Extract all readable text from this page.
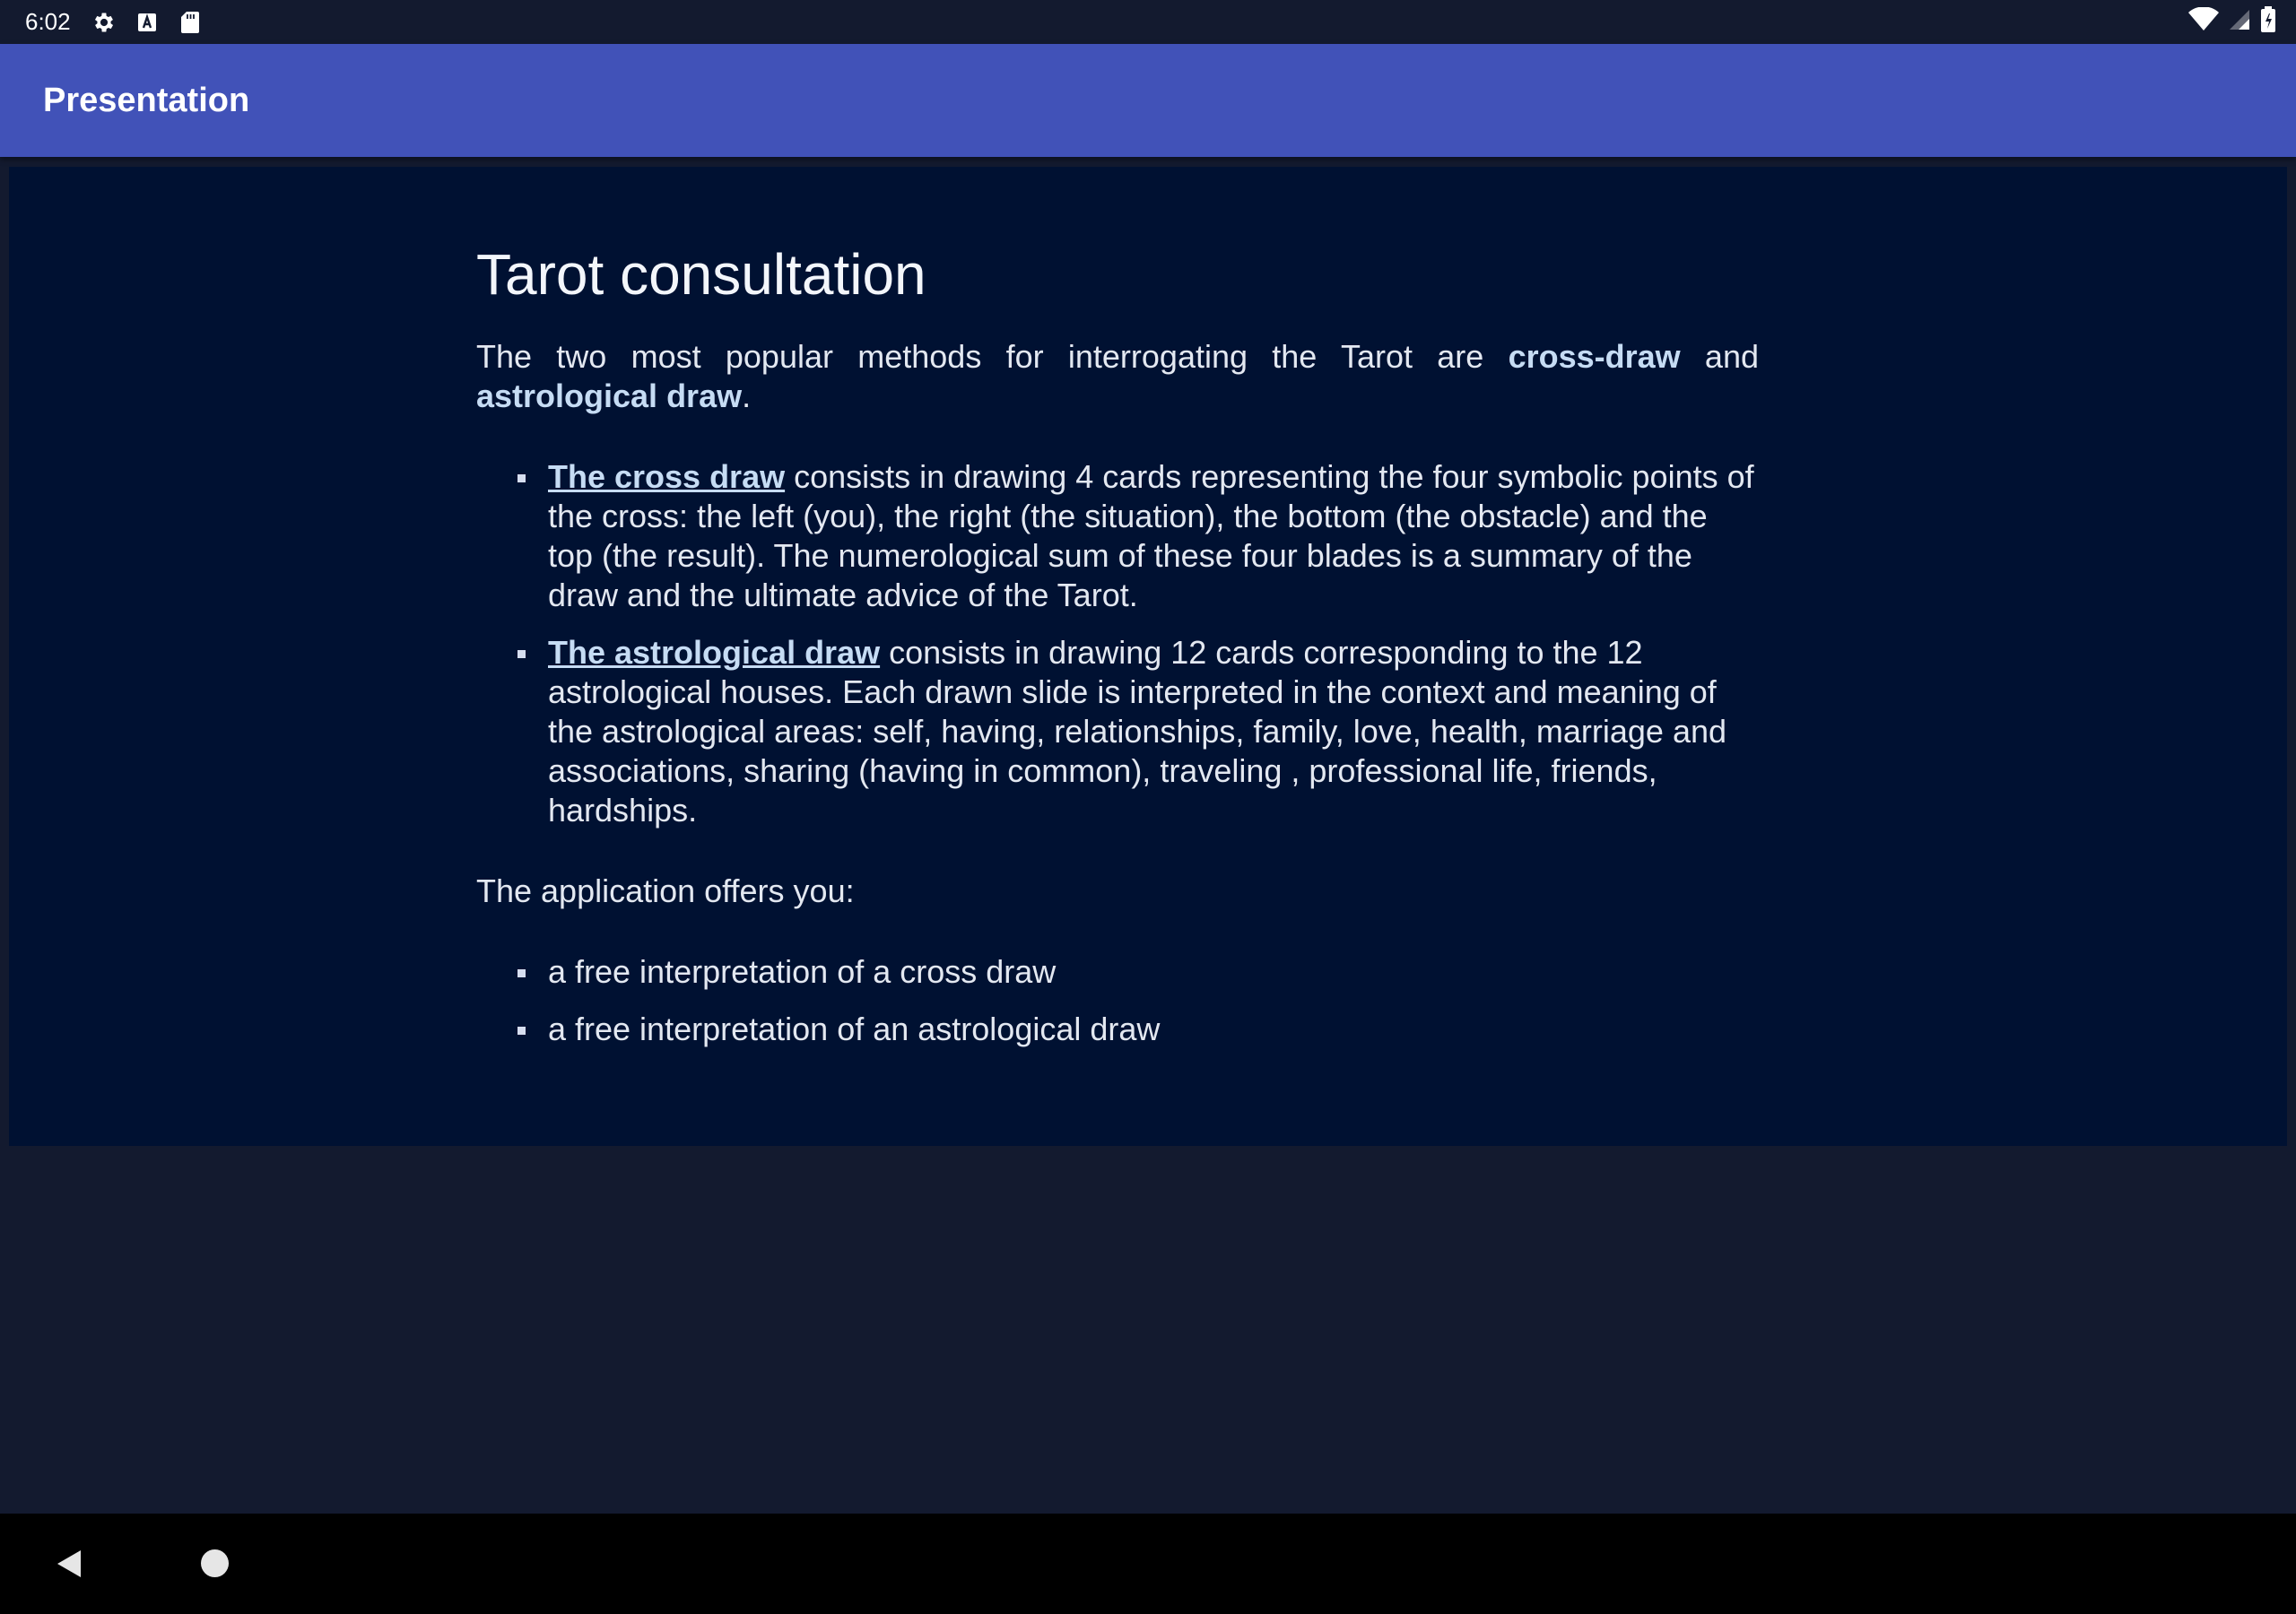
6:02
Presentation
Tarot consultation

The two most popular methods for interrogating the Tarot are cross-draw and astrological draw.

The cross draw consists in drawing 4 cards representing the four symbolic points of the cross: the left (you), the right (the situation), the bottom (the obstacle) and the top (the result). The numerological sum of these four blades is a summary of the draw and the ultimate advice of the Tarot.
The astrological draw consists in drawing 12 cards corresponding to the 12 astrological houses. Each drawn slide is interpreted in the context and meaning of the astrological areas: self, having, relationships, family, love, health, marriage and associations, sharing (having in common), traveling , professional life, friends, hardships.

The application offers you:

a free interpretation of a cross draw
a free interpretation of an astrological draw
